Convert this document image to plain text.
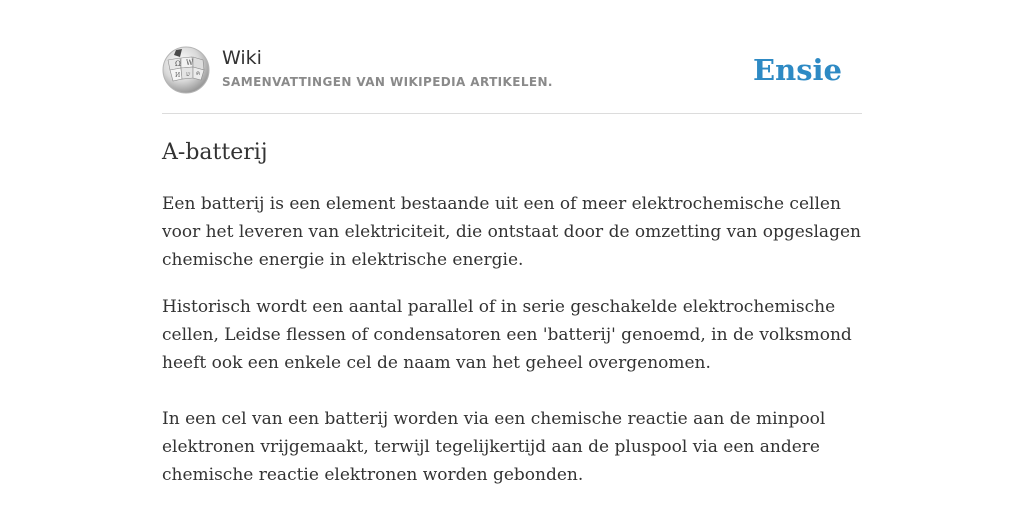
Ω W
И ש ค
Wiki
SAMENVATTINGEN VAN WIKIPEDIA ARTIKELEN.	Ensie
A-batterij

Een batterij is een element bestaande uit een of meer elektrochemische cellen voor het leveren van elektriciteit, die ontstaat door de omzetting van opgeslagen chemische energie in elektrische energie.

Historisch wordt een aantal parallel of in serie geschakelde elektrochemische cellen, Leidse flessen of condensatoren een 'batterij' genoemd, in de volksmond heeft ook een enkele cel de naam van het geheel overgenomen.

In een cel van een batterij worden via een chemische reactie aan de minpool elektronen vrijgemaakt, terwijl tegelijkertijd aan de pluspool via een andere chemische reactie elektronen worden gebonden.
